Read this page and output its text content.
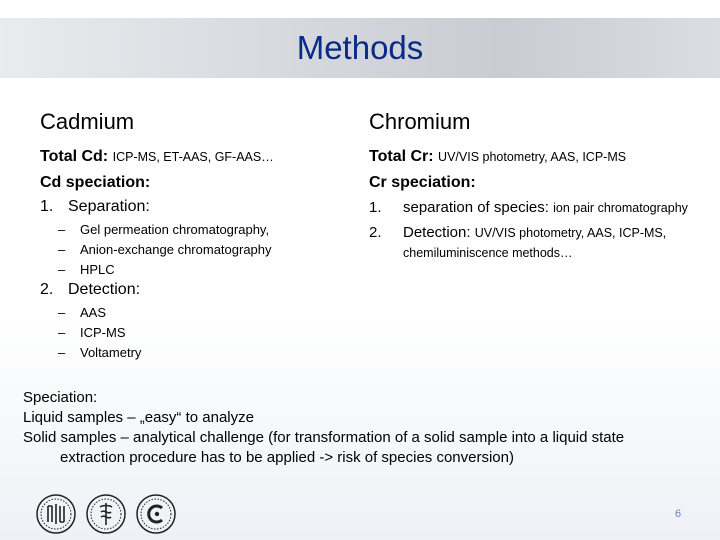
Methods
Cadmium
Total Cd: ICP-MS, ET-AAS, GF-AAS…
Cd speciation:
1. Separation:
– Gel permeation chromatography,
– Anion-exchange chromatography
– HPLC
2. Detection:
– AAS
– ICP-MS
– Voltametry
Chromium
Total Cr: UV/VIS photometry, AAS, ICP-MS
Cr speciation:
1.	separation of species: ion pair chromatography
2.	Detection: UV/VIS photometry, AAS, ICP-MS, chemiluminiscence methods…
Speciation:
Liquid samples – „easy“ to analyze
Solid samples – analytical challenge (for transformation of a solid sample into a liquid state
extraction procedure has to be applied -> risk of species conversion)
6
